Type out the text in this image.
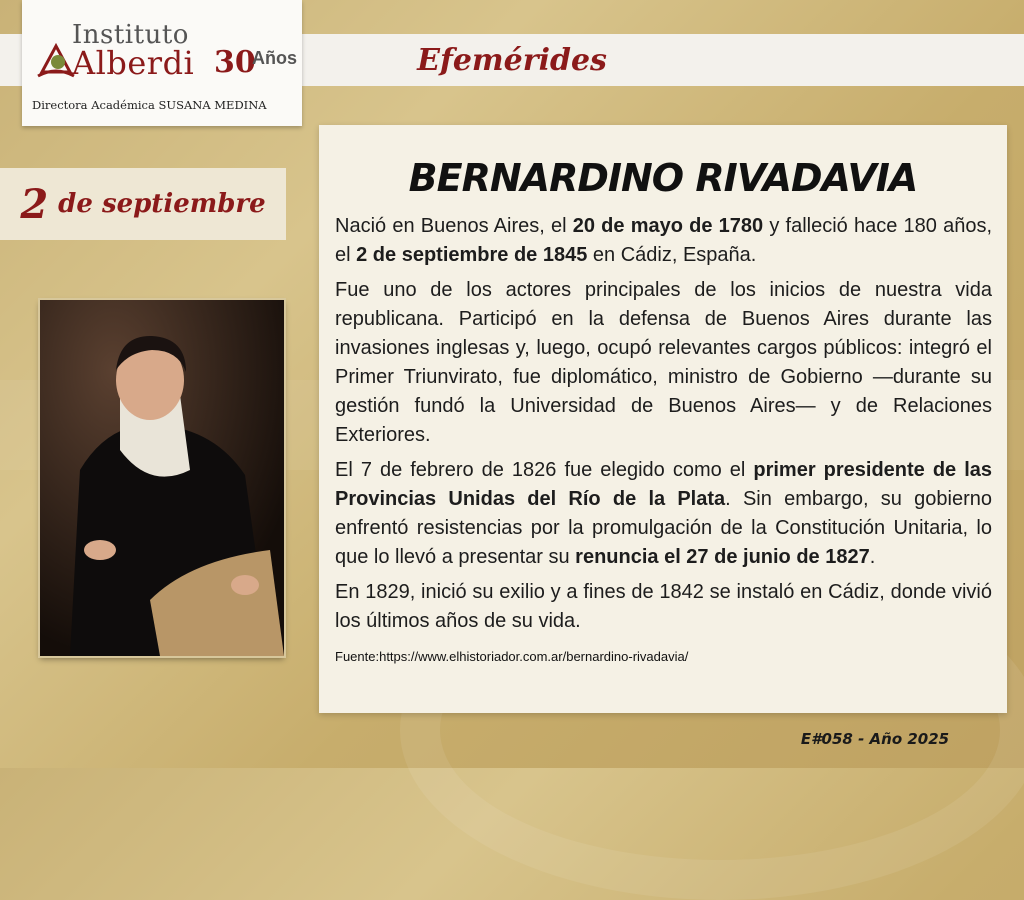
Efemérides
Instituto
Alberdi 30
Años
Directora Académica SUSANA MEDINA
2 de septiembre
BERNARDINO RIVADAVIA

Nació en Buenos Aires, el 20 de mayo de 1780 y falleció hace 180 años, el 2 de septiembre de 1845 en Cádiz, España.

Fue uno de los actores principales de los inicios de nuestra vida republicana. Participó en la defensa de Buenos Aires durante las invasiones inglesas y, luego, ocupó relevantes cargos públicos: integró el Primer Triunvirato, fue diplomático, ministro de Gobierno —durante su gestión fundó la Universidad de Buenos Aires— y de Relaciones Exteriores.

El 7 de febrero de 1826 fue elegido como el primer presidente de las Provincias Unidas del Río de la Plata. Sin embargo, su gobierno enfrentó resistencias por la promulgación de la Constitución Unitaria, lo que lo llevó a presentar su renuncia el 27 de junio de 1827.

En 1829, inició su exilio y a fines de 1842 se instaló en Cádiz, donde vivió los últimos años de su vida.

Fuente:https://www.elhistoriador.com.ar/bernardino-rivadavia/
E#058 - Año 2025
